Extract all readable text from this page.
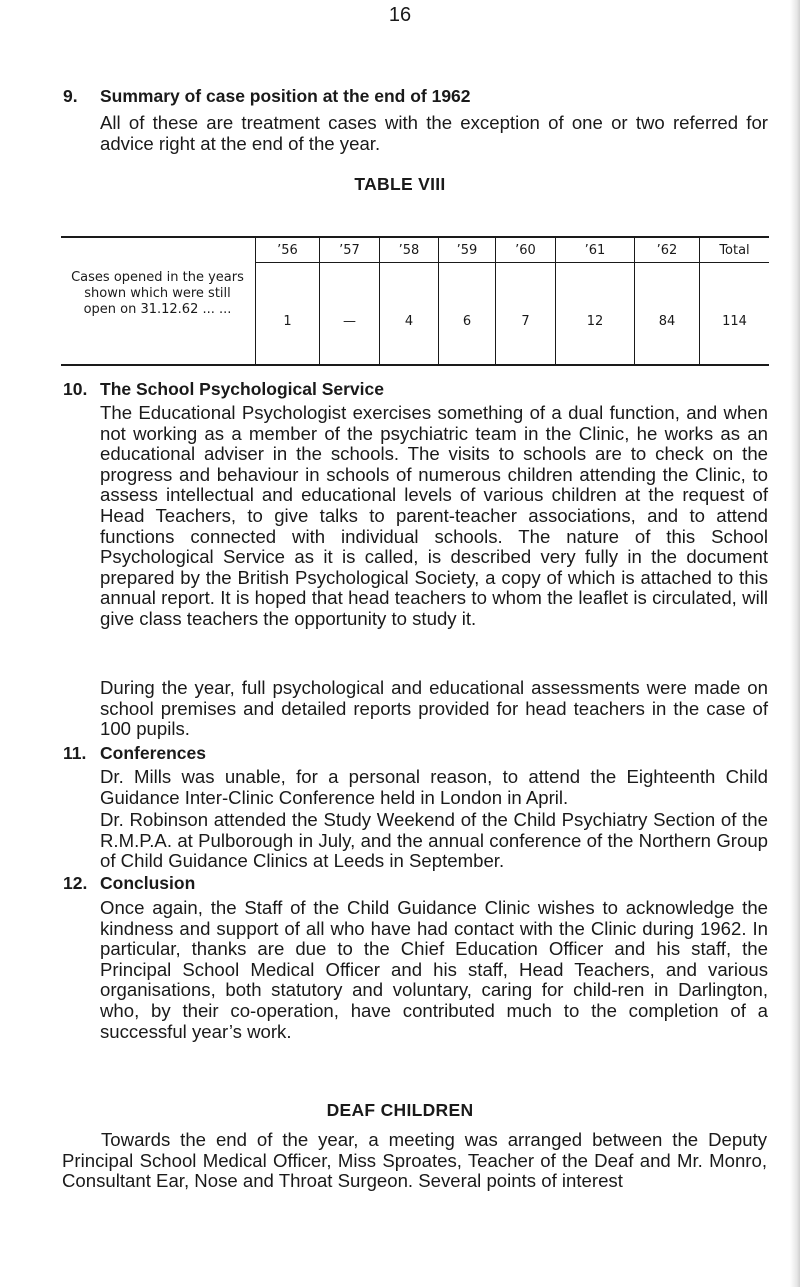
16
9. Summary of case position at the end of 1962

All of these are treatment cases with the exception of one or two referred for advice right at the end of the year.

TABLE VIII
’56	’57	’58	’59	’60	’61	’62	Total
Cases opened in the years
shown which were still
open on 31.12.62 ... ...
1	—	4	6	7	12	84	114
10. The School Psychological Service

The Educational Psychologist exercises something of a dual function, and when not working as a member of the psychiatric team in the Clinic, he works as an educational adviser in the schools. The visits to schools are to check on the progress and behaviour in schools of numerous children attending the Clinic, to assess intellectual and educational levels of various children at the request of Head Teachers, to give talks to parent-teacher associations, and to attend functions connected with individual schools. The nature of this School Psychological Service as it is called, is described very fully in the document prepared by the British Psychological Society, a copy of which is attached to this annual report. It is hoped that head teachers to whom the leaflet is circulated, will give class teachers the opportunity to study it.

During the year, full psychological and educational assessments were made on school premises and detailed reports provided for head teachers in the case of 100 pupils.

11. Conferences

Dr. Mills was unable, for a personal reason, to attend the Eighteenth Child Guidance Inter-Clinic Conference held in London in April.

Dr. Robinson attended the Study Weekend of the Child Psychiatry Section of the R.M.P.A. at Pulborough in July, and the annual conference of the Northern Group of Child Guidance Clinics at Leeds in September.

12. Conclusion

Once again, the Staff of the Child Guidance Clinic wishes to acknowledge the kindness and support of all who have had contact with the Clinic during 1962. In particular, thanks are due to the Chief Education Officer and his staff, the Principal School Medical Officer and his staff, Head Teachers, and various organisations, both statutory and voluntary, caring for child-ren in Darlington, who, by their co-operation, have contributed much to the completion of a successful year’s work.

DEAF CHILDREN

Towards the end of the year, a meeting was arranged between the Deputy Principal School Medical Officer, Miss Sproates, Teacher of the Deaf and Mr. Monro, Consultant Ear, Nose and Throat Surgeon. Several points of interest
